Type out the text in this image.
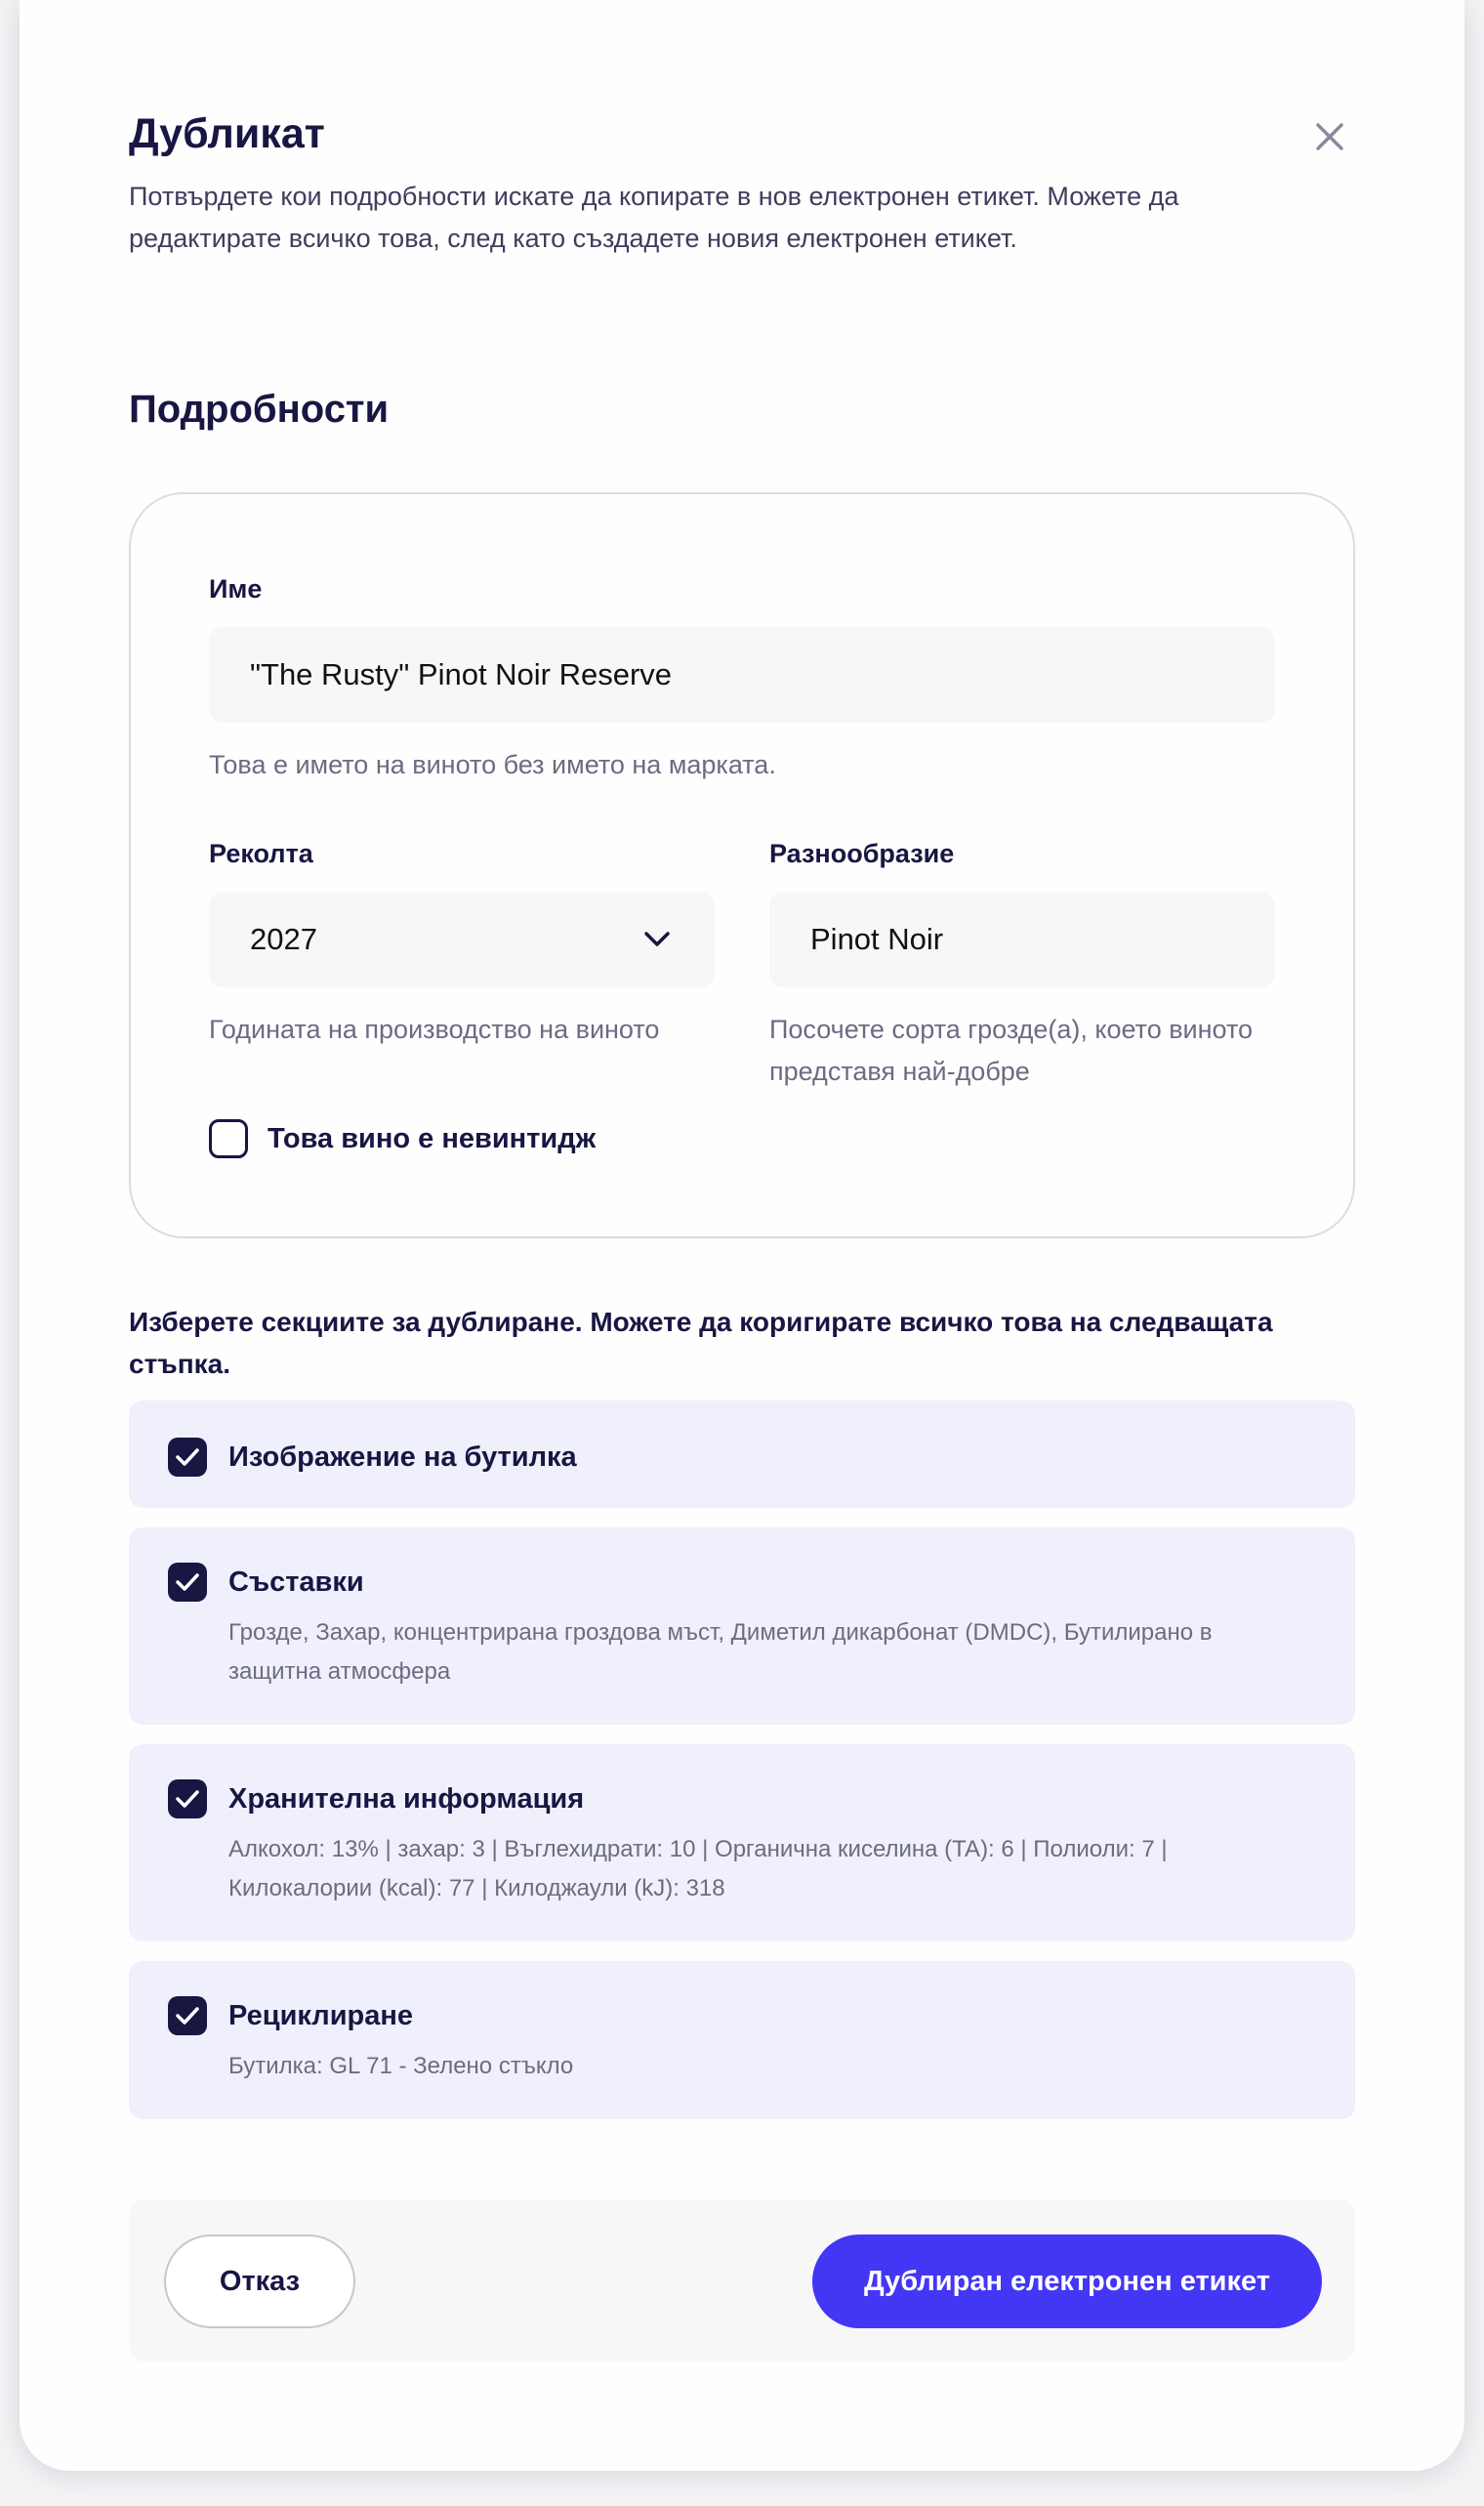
Дубликат

Потвърдете кои подробности искате да копирате в нов електронен етикет. Можете да редактирате всичко това, след като създадете новия електронен етикет.

Подробности
Име
"The Rusty" Pinot Noir Reserve
Това е името на виното без името на марката.
Реколта
2027
Годината на производство на виното
Разнообразие
Pinot Noir
Посочете сорта грозде(а), което виното представя най-добре
Това вино е невинтидж

Изберете секциите за дублиране. Можете да коригирате всичко това на следващата стъпка.

Изображение на бутилка
Съставки
Грозде, Захар, концентрирана гроздова мъст, Диметил дикарбонат (DMDC), Бутилирано в защитна атмосфера
Хранителна информация
Алкохол: 13% | захар: 3 | Въглехидрати: 10 | Органична киселина (TA): 6 | Полиоли: 7 | Килокалории (kcal): 77 | Килоджаули (kJ): 318
Рециклиране
Бутилка: GL 71 - Зелено стъкло
Отказ	Дублиран електронен етикет
